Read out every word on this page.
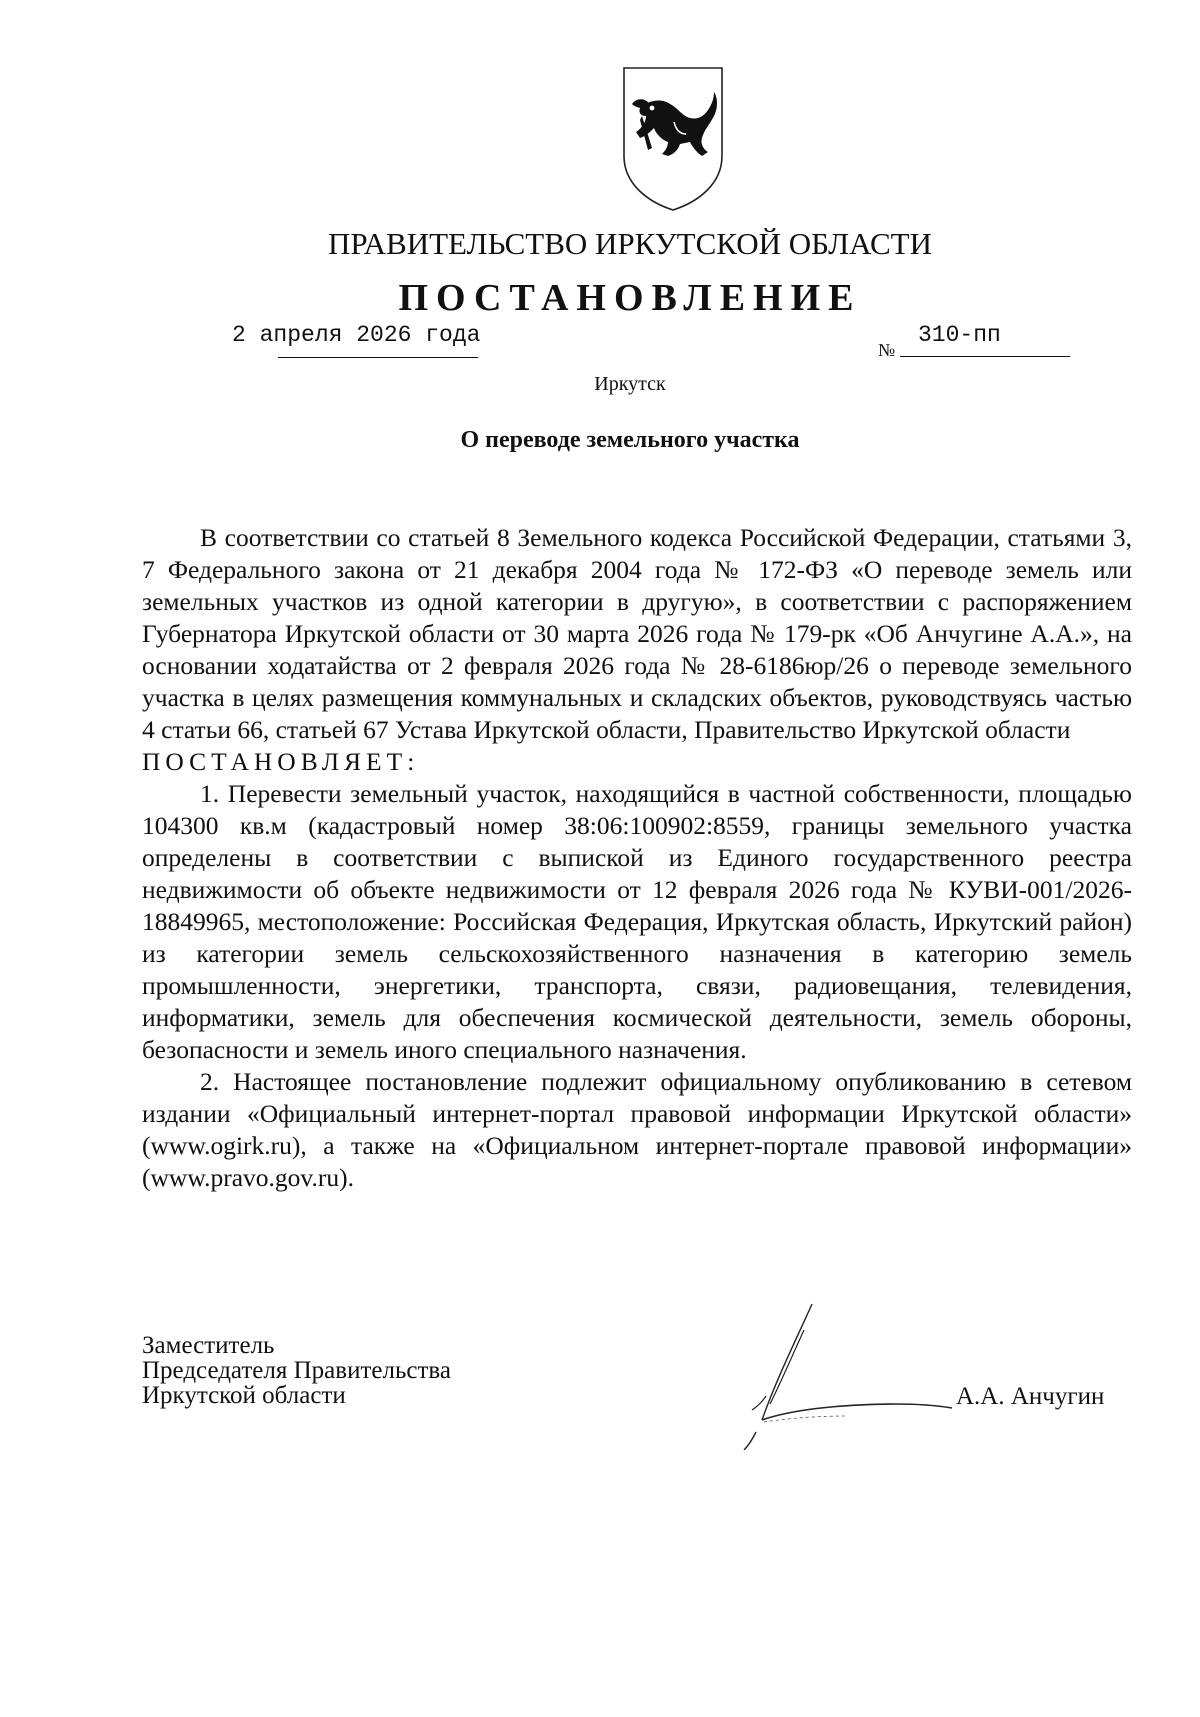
ПРАВИТЕЛЬСТВО ИРКУТСКОЙ ОБЛАСТИ
ПОСТАНОВЛЕНИЕ
2 апреля 2026 года
№
310-пп
Иркутск
О переводе земельного участка

В соответствии со статьей 8 Земельного кодекса Российской Федерации, статьями 3, 7 Федерального закона от 21 декабря 2004 года № 172-ФЗ «О переводе земель или земельных участков из одной категории в другую», в соответствии с распоряжением Губернатора Иркутской области от 30 марта 2026 года № 179-рк «Об Анчугине А.А.», на основании ходатайства от 2 февраля 2026 года № 28-6186юр/26 о переводе земельного участка в целях размещения коммунальных и складских объектов, руководствуясь частью 4 статьи 66, статьей 67 Устава Иркутской области, Правительство Иркутской области

ПОСТАНОВЛЯЕТ:

1. Перевести земельный участок, находящийся в частной собственности, площадью 104300 кв.м (кадастровый номер 38:06:100902:8559, границы земельного участка определены в соответствии с выпиской из Единого государственного реестра недвижимости об объекте недвижимости от 12 февраля 2026 года № КУВИ-001/2026-18849965, местоположение: Российская Федерация, Иркутская область, Иркутский район) из категории земель сельскохозяйственного назначения в категорию земель промышленности, энергетики, транспорта, связи, радиовещания, телевидения, информатики, земель для обеспечения космической деятельности, земель обороны, безопасности и земель иного специального назначения.

2. Настоящее постановление подлежит официальному опубликованию в сетевом издании «Официальный интернет-портал правовой информации Иркутской области» (www.ogirk.ru), а также на «Официальном интернет-портале правовой информации» (www.pravo.gov.ru).

Заместитель
Председателя Правительства
Иркутской области	А.А. Анчугин
